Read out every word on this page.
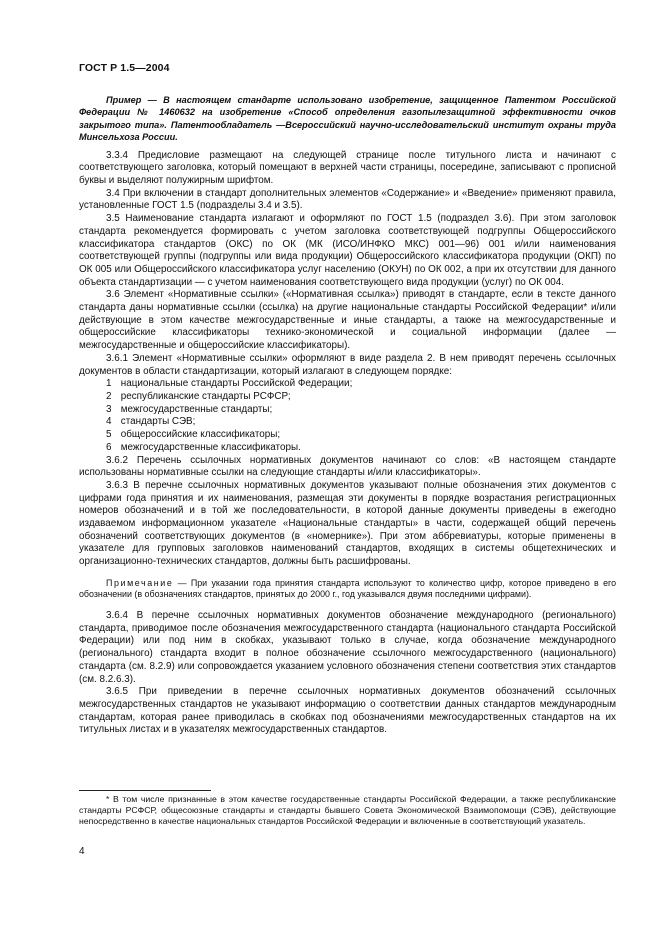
ГОСТ Р 1.5—2004

Пример — В настоящем стандарте использовано изобретение, защищенное Патентом Российской Федерации № 1460632 на изобретение «Способ определения газопылезащитной эффективности очков закрытого типа». Патентообладатель —Всероссийский научно-исследовательский институт охраны труда Минсельхоза России.

3.3.4 Предисловие размещают на следующей странице после титульного листа и начинают с соответствующего заголовка, который помещают в верхней части страницы, посередине, записывают с прописной буквы и выделяют полужирным шрифтом.

3.4 При включении в стандарт дополнительных элементов «Содержание» и «Введение» применяют правила, установленные ГОСТ 1.5 (подразделы 3.4 и 3.5).

3.5 Наименование стандарта излагают и оформляют по ГОСТ 1.5 (подраздел 3.6). При этом заголовок стандарта рекомендуется формировать с учетом заголовка соответствующей подгруппы Общероссийского классификатора стандартов (ОКС) по ОК (МК (ИСО/ИНФКО МКС) 001—96) 001 и/или наименования соответствующей группы (подгруппы или вида продукции) Общероссийского классификатора продукции (ОКП) по ОК 005 или Общероссийского классификатора услуг населению (ОКУН) по ОК 002, а при их отсутствии для данного объекта стандартизации — с учетом наименования соответствующего вида продукции (услуг) по ОК 004.

3.6 Элемент «Нормативные ссылки» («Нормативная ссылка») приводят в стандарте, если в тексте данного стандарта даны нормативные ссылки (ссылка) на другие национальные стандарты Российской Федерации* и/или действующие в этом качестве межгосударственные и иные стандарты, а также на межгосударственные и общероссийские классификаторы технико-экономической и социальной информации (далее — межгосударственные и общероссийские классификаторы).

3.6.1 Элемент «Нормативные ссылки» оформляют в виде раздела 2. В нем приводят перечень ссылочных документов в области стандартизации, который излагают в следующем порядке:

1 национальные стандарты Российской Федерации;
2 республиканские стандарты РСФСР;
3 межгосударственные стандарты;
4 стандарты СЭВ;
5 общероссийские классификаторы;
6 межгосударственные классификаторы.

3.6.2 Перечень ссылочных нормативных документов начинают со слов: «В настоящем стандарте использованы нормативные ссылки на следующие стандарты и/или классификаторы».

3.6.3 В перечне ссылочных нормативных документов указывают полные обозначения этих документов с цифрами года принятия и их наименования, размещая эти документы в порядке возрастания регистрационных номеров обозначений и в той же последовательности, в которой данные документы приведены в ежегодно издаваемом информационном указателе «Национальные стандарты» в части, содержащей общий перечень обозначений соответствующих документов (в «номернике»). При этом аббревиатуры, которые применены в указателе для групповых заголовков наименований стандартов, входящих в системы общетехнических и организационно-технических стандартов, должны быть расшифрованы.

Примечание — При указании года принятия стандарта используют то количество цифр, которое приведено в его обозначении (в обозначениях стандартов, принятых до 2000 г., год указывался двумя последними цифрами).

3.6.4 В перечне ссылочных нормативных документов обозначение международного (регионального) стандарта, приводимое после обозначения межгосударственного стандарта (национального стандарта Российской Федерации) или под ним в скобках, указывают только в случае, когда обозначение международного (регионального) стандарта входит в полное обозначение ссылочного межгосударственного (национального) стандарта (см. 8.2.9) или сопровождается указанием условного обозначения степени соответствия этих стандартов (см. 8.2.6.3).

3.6.5 При приведении в перечне ссылочных нормативных документов обозначений ссылочных межгосударственных стандартов не указывают информацию о соответствии данных стандартов международным стандартам, которая ранее приводилась в скобках под обозначениями межгосударственных стандартов на их титульных листах и в указателях межгосударственных стандартов.

* В том числе признанные в этом качестве государственные стандарты Российской Федерации, а также республиканские стандарты РСФСР, общесоюзные стандарты и стандарты бывшего Совета Экономической Взаимопомощи (СЭВ), действующие непосредственно в качестве национальных стандартов Российской Федерации и включенные в соответствующий указатель.

4
